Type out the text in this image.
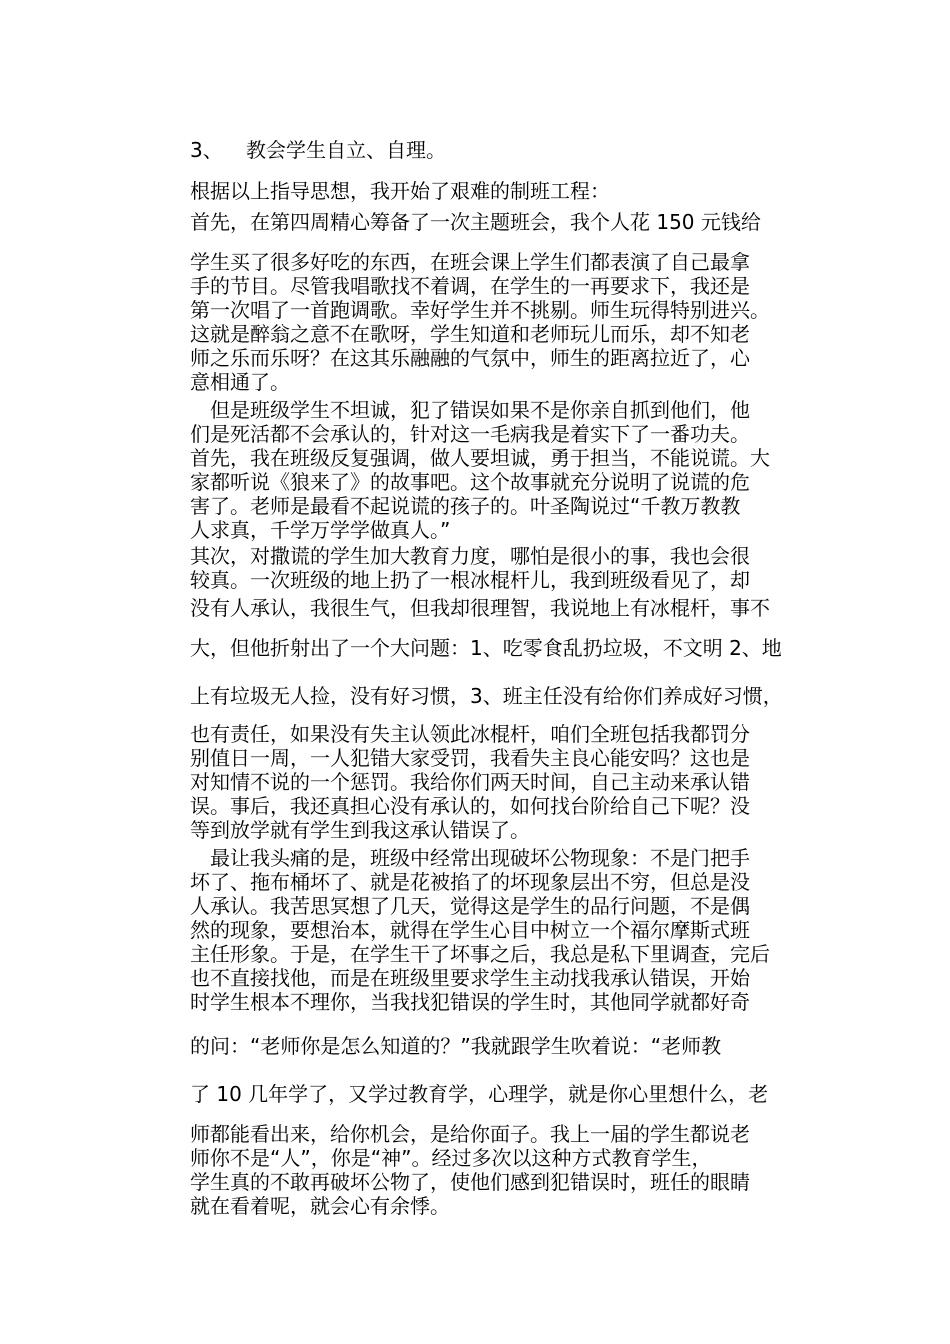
3、 教会学生自立、自理。
根据以上指导思想，我开始了艰难的制班工程：
首先，在第四周精心筹备了一次主题班会，我个人花 150 元钱给
学生买了很多好吃的东西，在班会课上学生们都表演了自己最拿
手的节目。尽管我唱歌找不着调，在学生的一再要求下，我还是
第一次唱了一首跑调歌。幸好学生并不挑剔。师生玩得特别进兴。
这就是醉翁之意不在歌呀，学生知道和老师玩儿而乐，却不知老
师之乐而乐呀？在这其乐融融的气氛中，师生的距离拉近了，心
意相通了。
　但是班级学生不坦诚，犯了错误如果不是你亲自抓到他们，他
们是死活都不会承认的，针对这一毛病我是着实下了一番功夫。
首先，我在班级反复强调，做人要坦诚，勇于担当，不能说谎。大
家都听说《狼来了》的故事吧。这个故事就充分说明了说谎的危
害了。老师是最看不起说谎的孩子的。叶圣陶说过“千教万教教
人求真，千学万学学做真人。”
其次，对撒谎的学生加大教育力度，哪怕是很小的事，我也会很
较真。一次班级的地上扔了一根冰棍杆儿，我到班级看见了，却
没有人承认，我很生气，但我却很理智，我说地上有冰棍杆，事不
大，但他折射出了一个大问题：1、吃零食乱扔垃圾，不文明 2、地
上有垃圾无人捡，没有好习惯，3、班主任没有给你们养成好习惯，
也有责任，如果没有失主认领此冰棍杆，咱们全班包括我都罚分
别值日一周，一人犯错大家受罚，我看失主良心能安吗？这也是
对知情不说的一个惩罚。我给你们两天时间，自己主动来承认错
误。事后，我还真担心没有承认的，如何找台阶给自己下呢？没
等到放学就有学生到我这承认错误了。
　最让我头痛的是，班级中经常出现破坏公物现象：不是门把手
坏了、拖布桶坏了、就是花被掐了的坏现象层出不穷，但总是没
人承认。我苦思冥想了几天，觉得这是学生的品行问题，不是偶
然的现象，要想治本，就得在学生心目中树立一个福尔摩斯式班
主任形象。于是，在学生干了坏事之后，我总是私下里调查，完后
也不直接找他，而是在班级里要求学生主动找我承认错误，开始
时学生根本不理你，当我找犯错误的学生时，其他同学就都好奇
的问：“老师你是怎么知道的？”我就跟学生吹着说：“老师教
了 10 几年学了，又学过教育学，心理学，就是你心里想什么，老
师都能看出来，给你机会，是给你面子。我上一届的学生都说老
师你不是“人”，你是“神”。经过多次以这种方式教育学生，
学生真的不敢再破坏公物了，使他们感到犯错误时，班任的眼睛
就在看着呢，就会心有余悸。
